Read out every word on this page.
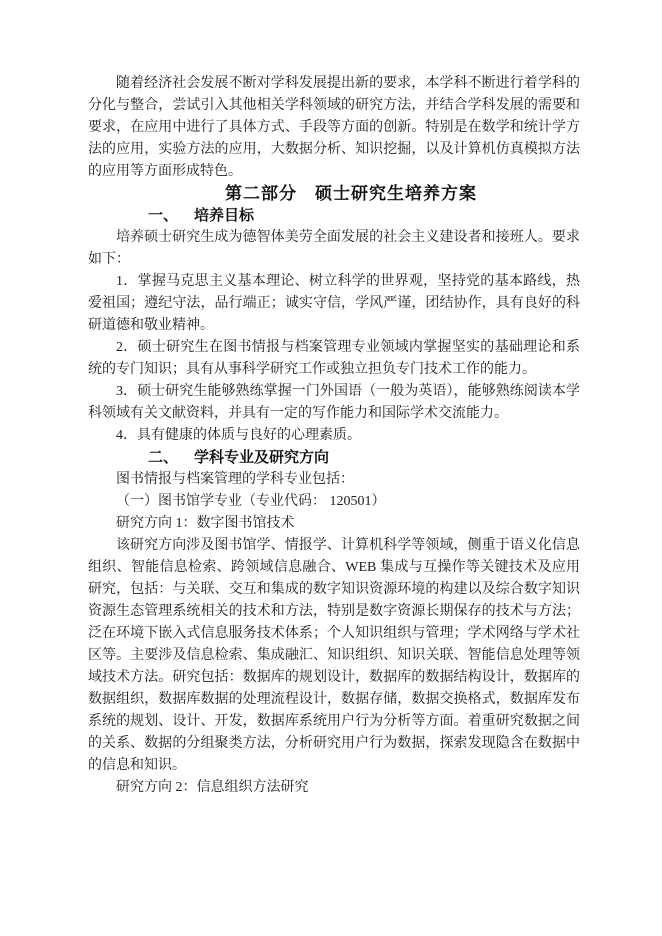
随着经济社会发展不断对学科发展提出新的要求，本学科不断进行着学科的分化与整合，尝试引入其他相关学科领域的研究方法，并结合学科发展的需要和要求，在应用中进行了具体方式、手段等方面的创新。特别是在数学和统计学方法的应用，实验方法的应用，大数据分析、知识挖掘，以及计算机仿真模拟方法的应用等方面形成特色。

第二部分　硕士研究生培养方案

一、 培养目标

培养硕士研究生成为德智体美劳全面发展的社会主义建设者和接班人。要求如下：

1．掌握马克思主义基本理论、树立科学的世界观，坚持党的基本路线，热爱祖国；遵纪守法，品行端正；诚实守信，学风严谨，团结协作，具有良好的科研道德和敬业精神。

2．硕士研究生在图书情报与档案管理专业领域内掌握坚实的基础理论和系统的专门知识；具有从事科学研究工作或独立担负专门技术工作的能力。

3．硕士研究生能够熟练掌握一门外国语（一般为英语），能够熟练阅读本学科领域有关文献资料，并具有一定的写作能力和国际学术交流能力。

4．具有健康的体质与良好的心理素质。

二、 学科专业及研究方向

图书情报与档案管理的学科专业包括：

（一）图书馆学专业（专业代码： 120501）

研究方向 1：数字图书馆技术

该研究方向涉及图书馆学、情报学、计算机科学等领域，侧重于语义化信息组织、智能信息检索、跨领域信息融合、WEB 集成与互操作等关键技术及应用研究，包括：与关联、交互和集成的数字知识资源环境的构建以及综合数字知识资源生态管理系统相关的技术和方法，特别是数字资源长期保存的技术与方法；泛在环境下嵌入式信息服务技术体系；个人知识组织与管理；学术网络与学术社区等。主要涉及信息检索、集成融汇、知识组织、知识关联、智能信息处理等领域技术方法。研究包括：数据库的规划设计，数据库的数据结构设计，数据库的数据组织，数据库数据的处理流程设计，数据存储，数据交换格式，数据库发布系统的规划、设计、开发，数据库系统用户行为分析等方面。着重研究数据之间的关系、数据的分组聚类方法，分析研究用户行为数据，探索发现隐含在数据中的信息和知识。

研究方向 2：信息组织方法研究
